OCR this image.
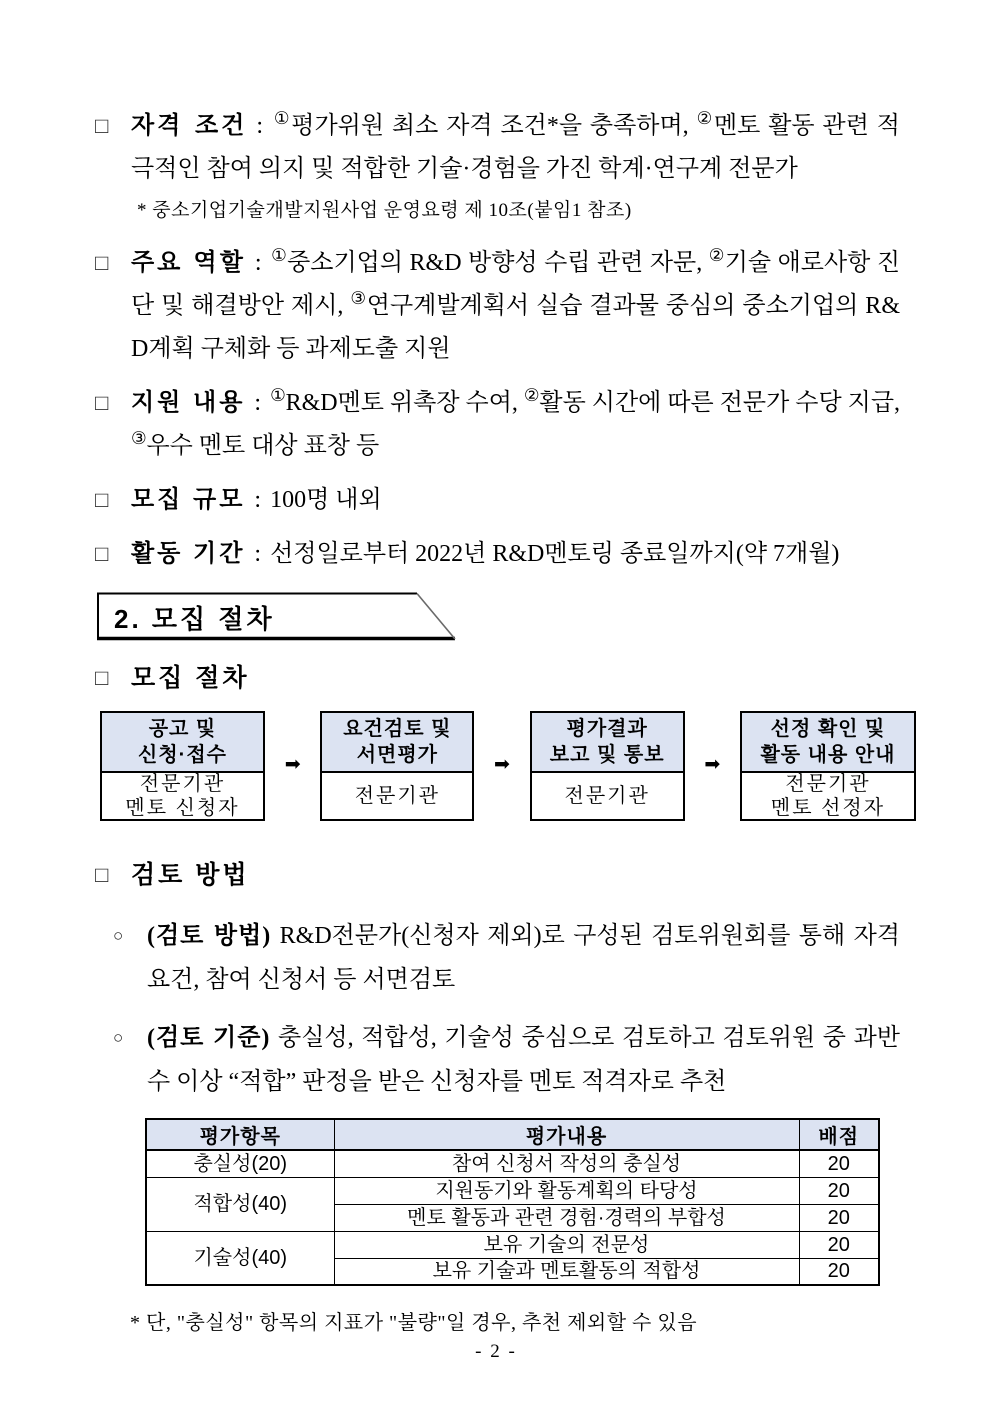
□ 자격 조건 : ①평가위원 최소 자격 조건*을 충족하며, ②멘토 활동 관련 적극적인 참여 의지 및 적합한 기술·경험을 가진 학계·연구계 전문가

* 중소기업기술개발지원사업 운영요령 제 10조(붙임1 참조)

□ 주요 역할 : ①중소기업의 R&D 방향성 수립 관련 자문, ②기술 애로사항 진단 및 해결방안 제시, ③연구계발계획서 실습 결과물 중심의 중소기업의 R&D계획 구체화 등 과제도출 지원

□ 지원 내용 : ①R&D멘토 위촉장 수여, ②활동 시간에 따른 전문가 수당 지급, ③우수 멘토 대상 표창 등

□ 모집 규모 : 100명 내외

□ 활동 기간 : 선정일로부터 2022년 R&D멘토링 종료일까지(약 7개월)

2. 모집 절차
□ 모집 절차
공고 및
신청·접수
전문기관
멘토 신청자
➡
요건검토 및
서면평가
전문기관
➡
평가결과
보고 및 통보
전문기관
➡
선정 확인 및
활동 내용 안내
전문기관
멘토 선정자
□ 검토 방법
○ (검토 방법) R&D전문가(신청자 제외)로 구성된 검토위원회를 통해 자격요건, 참여 신청서 등 서면검토

○ (검토 기준) 충실성, 적합성, 기술성 중심으로 검토하고 검토위원 중 과반수 이상 “적합” 판정을 받은 신청자를 멘토 적격자로 추천

평가항목	평가내용	배점
충실성(20)	참여 신청서 작성의 충실성	20
적합성(40)	지원동기와 활동계획의 타당성	20
	멘토 활동과 관련 경험·경력의 부합성	20
기술성(40)	보유 기술의 전문성	20
	보유 기술과 멘토활동의 적합성	20

* 단, "충실성" 항목의 지표가 "불량"일 경우, 추천 제외할 수 있음

- 2 -
